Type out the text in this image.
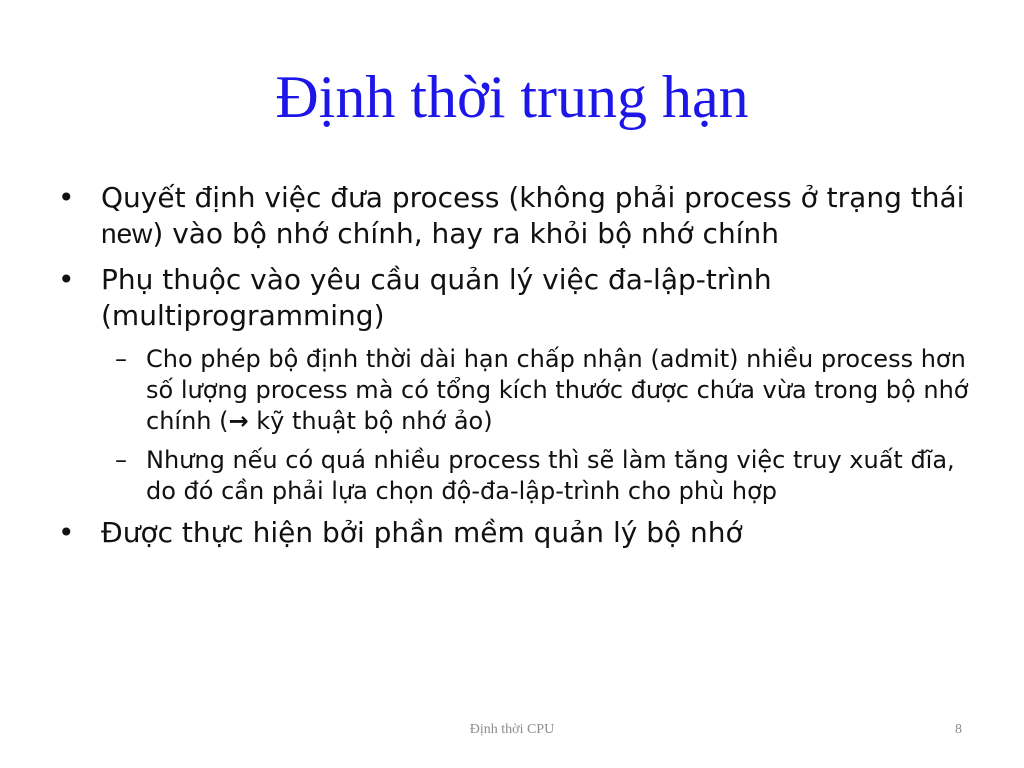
Định thời trung hạn
• Quyết định việc đưa process (không phải process ở trạng thái new) vào bộ nhớ chính, hay ra khỏi bộ nhớ chính
• Phụ thuộc vào yêu cầu quản lý việc đa-lập-trình (multiprogramming)
– Cho phép bộ định thời dài hạn chấp nhận (admit) nhiều process hơn số lượng process mà có tổng kích thước được chứa vừa trong bộ nhớ chính (→ kỹ thuật bộ nhớ ảo)
– Nhưng nếu có quá nhiều process thì sẽ làm tăng việc truy xuất đĩa, do đó cần phải lựa chọn độ-đa-lập-trình cho phù hợp
• Được thực hiện bởi phần mềm quản lý bộ nhớ
Định thời CPU	8
